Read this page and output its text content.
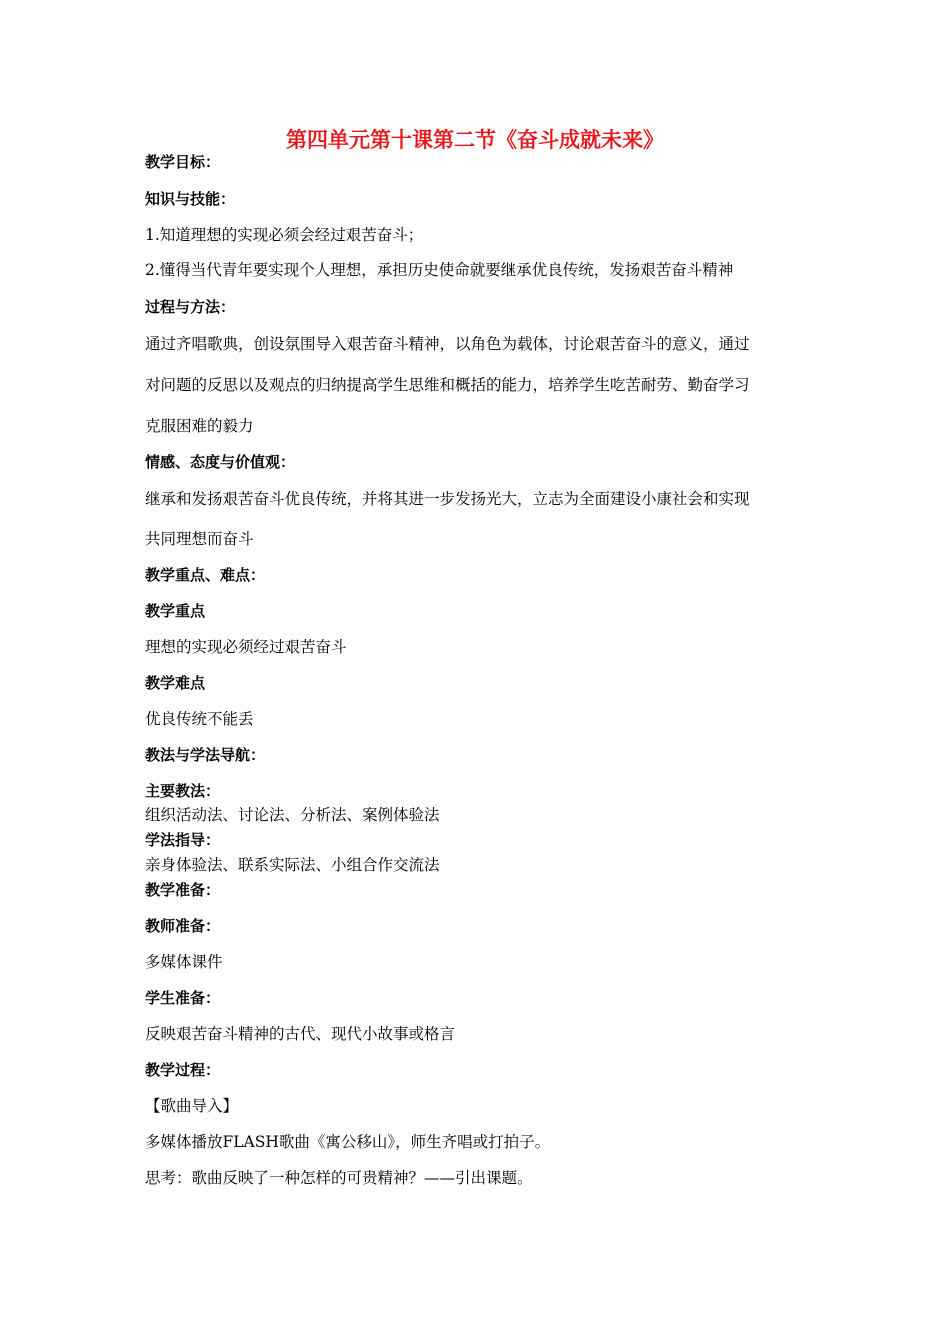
第四单元第十课第二节《奋斗成就未来》
教学目标：
知识与技能：
1.知道理想的实现必须会经过艰苦奋斗；
2.懂得当代青年要实现个人理想，承担历史使命就要继承优良传统，发扬艰苦奋斗精神
过程与方法：
通过齐唱歌典，创设氛围导入艰苦奋斗精神，以角色为载体，讨论艰苦奋斗的意义，通过
对问题的反思以及观点的归纳提高学生思维和概括的能力，培养学生吃苦耐劳、勤奋学习
克服困难的毅力
情感、态度与价值观：
继承和发扬艰苦奋斗优良传统，并将其进一步发扬光大，立志为全面建设小康社会和实现
共同理想而奋斗
教学重点、难点：
教学重点
理想的实现必须经过艰苦奋斗
教学难点
优良传统不能丢
教法与学法导航：
主要教法：
组织活动法、讨论法、分析法、案例体验法
学法指导：
亲身体验法、联系实际法、小组合作交流法
教学准备：
教师准备：
多媒体课件
学生准备：
反映艰苦奋斗精神的古代、现代小故事或格言
教学过程：
【歌曲导入】
多媒体播放FLASH歌曲《寓公移山》，师生齐唱或打拍子。
思考：歌曲反映了一种怎样的可贵精神？——引出课题。
